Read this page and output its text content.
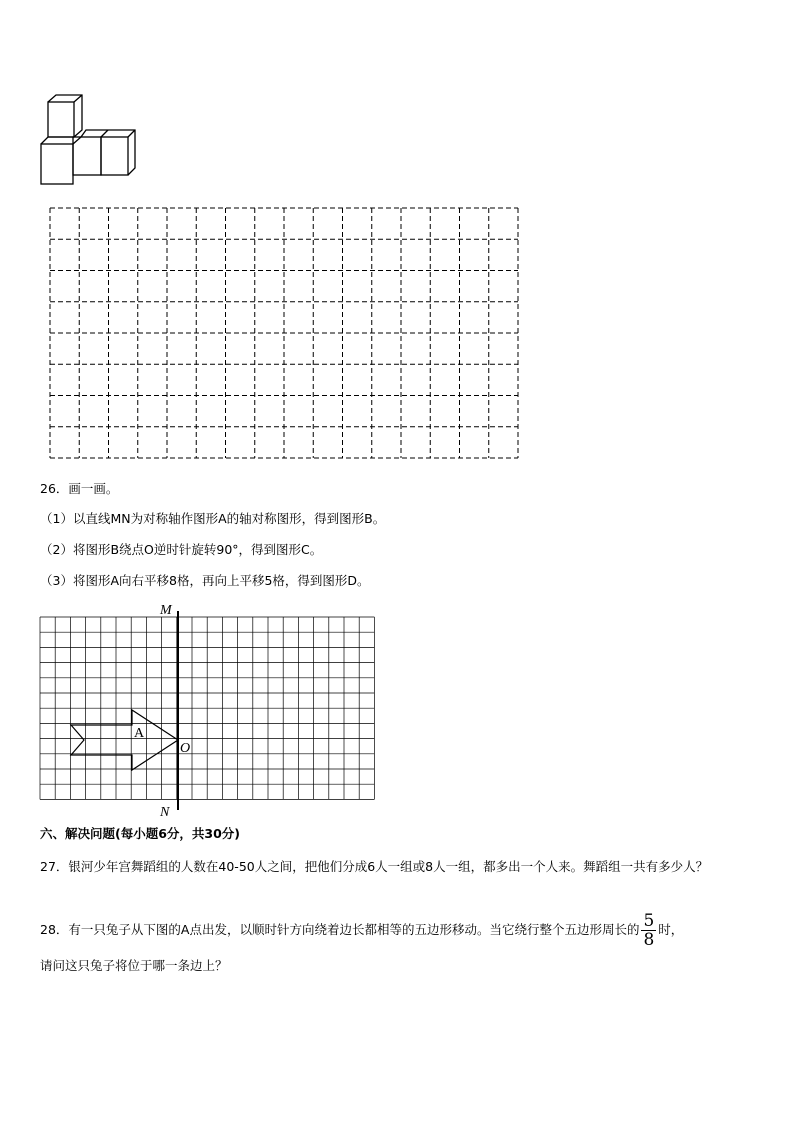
26．画一画。
（1）以直线MN为对称轴作图形A的轴对称图形，得到图形B。
（2）将图形B绕点O逆时针旋转90°，得到图形C。
（3）将图形A向右平移8格，再向上平移5格，得到图形D。
M
N
O
A
六、解决问题(每小题6分，共30分)
27．银河少年宫舞蹈组的人数在40-50人之间，把他们分成6人一组或8人一组，都多出一个人来。舞蹈组一共有多少人？
28．有一只兔子从下图的A点出发，以顺时针方向绕着边长都相等的五边形移动。当它绕行整个五边形周长的 $\frac{5}{8}$ 时，
请问这只兔子将位于哪一条边上？
